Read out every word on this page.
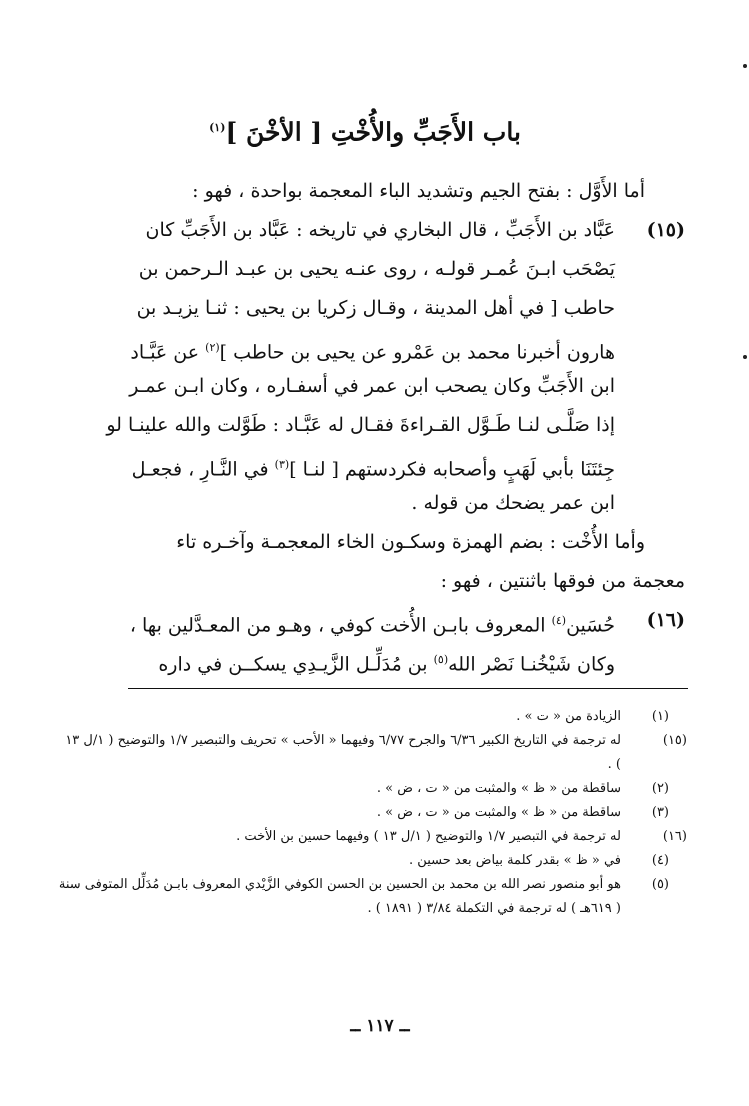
باب الأَجَبِّ والأُخْتِ [ الأخْنَ ]$^{(١)}$
أما الأَوَّل : بفتح الجيم وتشديد الباء المعجمة بواحدة ، فهو :
(١٥)
عَبَّاد بن الأَجَبِّ ، قال البخاري في تاريخه : عَبَّاد بن الأَجَبِّ كان
يَصْحَب ابـنَ عُمـر قولـه ، روى عنـه يحيى بن عبـد الـرحمن بن
حاطب [ في أهل المدينة ، وقـال زكريا بن يحيى : ثنـا يزيـد بن
هارون أخبرنا محمد بن عَمْرو عن يحيى بن حاطب ]$^{(٢)}$ عن عَبَّـاد
ابن الأَجَبِّ وكان يصحب ابن عمر في أسفـاره ، وكان ابـن عمـر
إذا صَلَّـى لنـا طَـوَّل القـراءةَ فقـال له عَبَّـاد : طَوَّلت والله علينـا لو
جِئتَنَا بأبي لَهَبٍ وأصحابه فكردستهم [ لنـا ]$^{(٣)}$ في النَّـارِ ، فجعـل
ابن عمر يضحك من قوله .
وأما الأُخْت : بضم الهمزة وسكـون الخاء المعجمـة وآخـره تاء
معجمة من فوقها باثنتين ، فهو :
(١٦)
حُسَين$^{(٤)}$ المعروف بابـن الأُخت كوفي ، وهـو من المعـدَّلين بها ،
وكان شَيْخُنـا نَصْر الله$^{(٥)}$ بن مُدَلِّـل الزَّيـدِي يسكــن في داره
(١)
الزيادة من « ت » .
(١٥)
له ترجمة في التاريخ الكبير ٦/٣٦ والجرح ٦/٧٧ وفيهما « الأحب » تحريف والتبصير ١/٧ والتوضيح ( ١/ل ١٣ ) .
(٢)
ساقطة من « ظ » والمثبت من « ت ، ض » .
(٣)
ساقطة من « ظ » والمثبت من « ت ، ض » .
(١٦)
له ترجمة في التبصير ١/٧ والتوضيح ( ١/ل ١٣ ) وفيهما حسين بن الأخت .
(٤)
في « ظ » بقدر كلمة بياض بعد حسين .
(٥)
هو أبو منصور نصر الله بن محمد بن الحسين بن الحسن الكوفي الزَّيْدي المعروف بابـن مُدَلِّل المتوفى سنة ( ٦١٩هـ ) له ترجمة في التكملة ٣/٨٤ ( ١٨٩١ ) .
ــ ١١٧ ــ
